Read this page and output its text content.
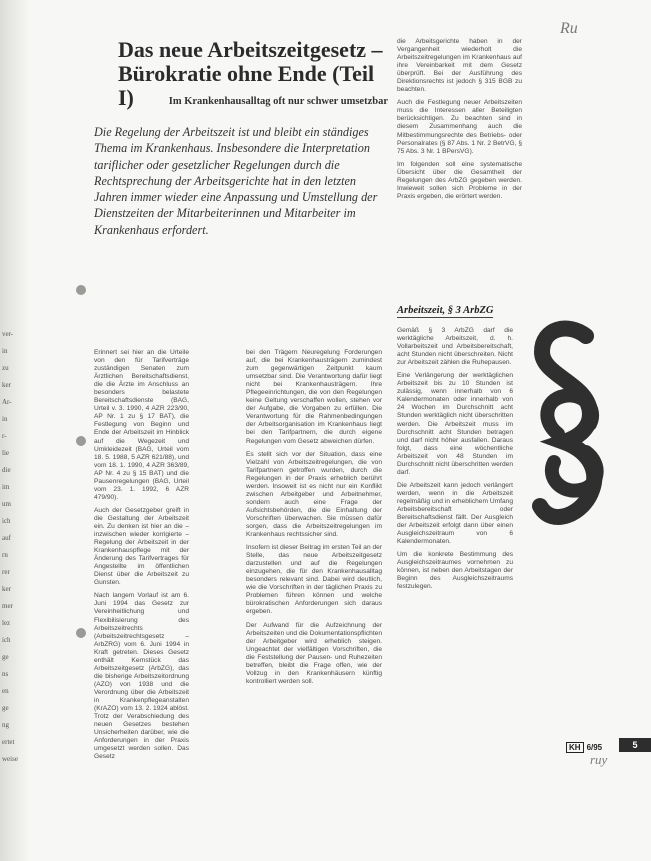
ver-
in
zu
ker
Ar-
in
r-
lie
die
im
um
ich
auf
rn
rer
ker
mer
lez
ich
ge
ns
en
ge
ng
ertet
weise
Das neue Arbeitszeitgesetz – Bürokratie ohne Ende (Teil I)	Im Krankenhausalltag oft nur schwer umsetzbar

Die Regelung der Arbeitszeit ist und bleibt ein ständiges Thema im Krankenhaus. Insbesondere die Interpretation tariflicher oder gesetzlicher Regelungen durch die Rechtsprechung der Arbeitsgerichte hat in den letzten Jahren immer wieder eine Anpassung und Umstellung der Dienstzeiten der Mitarbeiterinnen und Mitarbeiter im Krankenhaus erfordert.

Erinnert sei hier an die Urteile von den für Tarifverträge zuständigen Senaten zum Ärztlichen Bereitschaftsdienst, die die Ärzte im Anschluss an besonders belastete Bereitschaftsdienste (BAG, Urteil v. 3. 1990, 4 AZR 223/90, AP Nr. 1 zu § 17 BAT), die Festlegung von Beginn und Ende der Arbeitszeit im Hinblick auf die Wegezeit und Umkleidezeit (BAG, Urteil vom 18. 5. 1988, 5 AZR 621/88), und vom 18. 1. 1990, 4 AZR 363/89, AP Nr. 4 zu § 15 BAT) und die Pausenregelungen (BAG, Urteil vom 23. 1. 1992, 6 AZR 479/90).

Auch der Gesetzgeber greift in die Gestaltung der Arbeitszeit ein. Zu denken ist hier an die – inzwischen wieder korrigierte – Regelung der Arbeitszeit in der Krankenhauspflege mit der Änderung des Tarifvertrages für Angestellte im öffentlichen Dienst über die Arbeitszeit zu Gunsten.

Nach langem Vorlauf ist am 6. Juni 1994 das Gesetz zur Vereinheitlichung und Flexibilisierung des Arbeitszeitrechts (Arbeitszeitrechtsgesetz – ArbZRG) vom 6. Juni 1994 in Kraft getreten. Dieses Gesetz enthält Kernstück das Arbeitszeitgesetz (ArbZG), das die bisherige Arbeitszeitordnung (AZO) von 1938 und die Verordnung über die Arbeitszeit in Krankenpflegeanstalten (KrAZO) vom 13. 2. 1924 ablöst. Trotz der Verabschiedung des neuen Gesetzes bestehen Unsicherheiten darüber, wie die Anforderungen in der Praxis umgesetzt werden sollen. Das Gesetz

bei den Trägern Neuregelung Forderungen auf, die bei Krankenhausträgern zumindest zum gegenwärtigen Zeitpunkt kaum umsetzbar sind. Die Verantwortung dafür liegt nicht bei Krankenhausträgern. Ihre Pflegeeinrichtungen, die von den Regelungen keine Geltung verschaffen wollen, stehen vor der Aufgabe, die Vorgaben zu erfüllen. Die Verantwortung für die Rahmenbedingungen der Arbeitsorganisation im Krankenhaus liegt bei den Tarifpartnern, die durch eigene Regelungen vom Gesetz abweichen dürfen.

Es stellt sich vor der Situation, dass eine Vielzahl von Arbeitszeitregelungen, die von Tarifpartnern getroffen wurden, durch die Regelungen in der Praxis erheblich berührt werden. Insoweit ist es nicht nur ein Konflikt zwischen Arbeitgeber und Arbeitnehmer, sondern auch eine Frage der Aufsichtsbehörden, die die Einhaltung der Vorschriften überwachen. Sie müssen dafür sorgen, dass die Arbeitszeitregelungen im Krankenhaus rechtssicher sind.

Insofern ist dieser Beitrag im ersten Teil an der Stelle, das neue Arbeitszeitgesetz darzustellen und auf die Regelungen einzugehen, die für den Krankenhausalltag besonders relevant sind. Dabei wird deutlich, wie die Vorschriften in der täglichen Praxis zu Problemen führen können und welche bürokratischen Anforderungen sich daraus ergeben.

Der Aufwand für die Aufzeichnung der Arbeitszeiten und die Dokumentationspflichten der Arbeitgeber wird erheblich steigen. Ungeachtet der vielfältigen Vorschriften, die die Feststellung der Pausen- und Ruhezeiten betreffen, bleibt die Frage offen, wie der Vollzug in den Krankenhäusern künftig kontrolliert werden soll.

die Arbeitsgerichte haben in der Vergangenheit wiederholt die Arbeitszeitregelungen im Krankenhaus auf ihre Vereinbarkeit mit dem Gesetz überprüft. Bei der Ausführung des Direktionsrechts ist jedoch § 315 BGB zu beachten.

Auch die Festlegung neuer Arbeitszeiten muss die Interessen aller Beteiligten berücksichtigen. Zu beachten sind in diesem Zusammenhang auch die Mitbestimmungsrechte des Betriebs- oder Personalrates (§ 87 Abs. 1 Nr. 2 BetrVG, § 75 Abs. 3 Nr. 1 BPersVG).

Im folgenden soll eine systematische Übersicht über die Gesamtheit der Regelungen des ArbZG gegeben werden. Inwieweit sollen sich Probleme in der Praxis ergeben, die erörtert werden.

Arbeitszeit, § 3 ArbZG

Gemäß § 3 ArbZG darf die werktägliche Arbeitszeit, d. h. Vollarbeitszeit und Arbeitsbereitschaft, acht Stunden nicht überschreiten. Nicht zur Arbeitszeit zählen die Ruhepausen.

Eine Verlängerung der werktäglichen Arbeitszeit bis zu 10 Stunden ist zulässig, wenn innerhalb von 6 Kalendermonaten oder innerhalb von 24 Wochen im Durchschnitt acht Stunden werktäglich nicht überschritten werden. Die Arbeitszeit muss im Durchschnitt acht Stunden betragen und darf nicht höher ausfallen. Daraus folgt, dass eine wöchentliche Arbeitszeit von 48 Stunden im Durchschnitt nicht überschritten werden darf.

Die Arbeitszeit kann jedoch verlängert werden, wenn in die Arbeitszeit regelmäßig und in erheblichem Umfang Arbeitsbereitschaft oder Bereitschaftsdienst fällt. Der Ausgleich der Arbeitszeit erfolgt dann über einen Ausgleichszeitraum von 6 Kalendermonaten.

Um die konkrete Bestimmung des Ausgleichszeitraumes vornehmen zu können, ist neben den Arbeitstagen der Beginn des Ausgleichszeitraums festzulegen.

KH 6/95	5
Ru
ruy
